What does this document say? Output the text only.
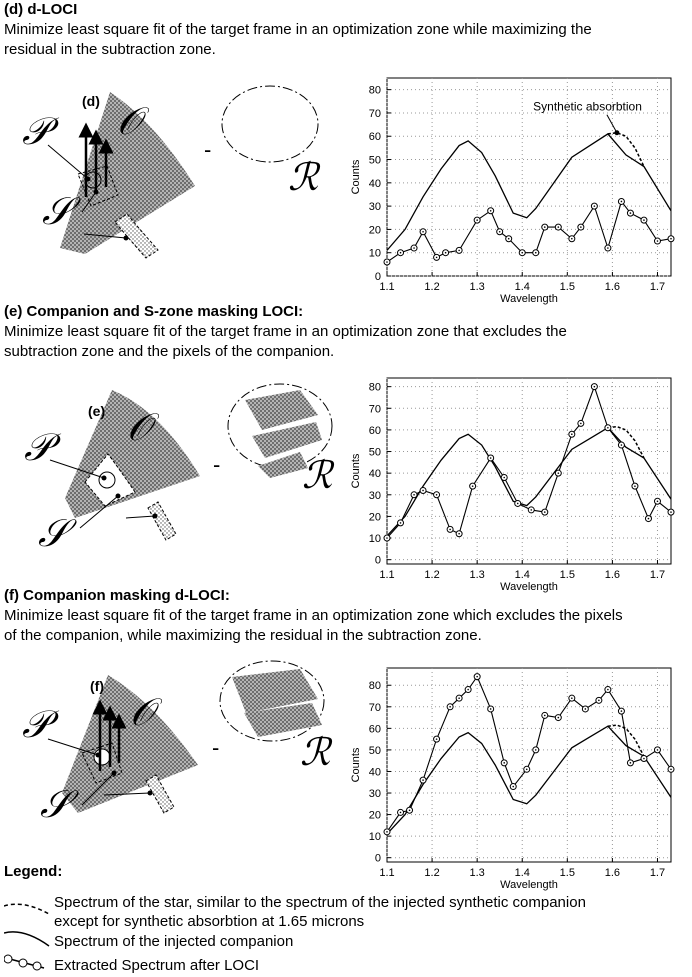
(d) d-LOCI
Minimize least square fit of the target frame in an optimization zone while maximizing the
residual in the subtraction zone.
(d)
𝒫 𝒪
𝒮
-
ℛ
1.1	1.2	1.3	1.4	1.5	1.6	1.7
0
10
20
30
40
50
60
70
80
Wavelength
Counts
Synthetic absorbtion
(e) Companion and S-zone masking LOCI:
Minimize least square fit of the target frame in an optimization zone that excludes the
subtraction zone and the pixels of the companion.
(e)
𝒫 𝒪
𝒮
- ℛ
1.1	1.2	1.3	1.4	1.5	1.6	1.7
0
10
20
30
40
50
60
70
80
Wavelength
Counts
(f) Companion masking d-LOCI:
Minimize least square fit of the target frame in an optimization zone which excludes the pixels
of the companion, while maximizing the residual in the subtraction zone.
(f)
𝒫 𝒪
𝒮
- ℛ
1.1	1.2	1.3	1.4	1.5	1.6	1.7
0
10
20
30
40
50
60
70
80
Wavelength
Counts
Legend:
Spectrum of the star, similar to the spectrum of the injected synthetic companion
except for synthetic absorbtion at 1.65 microns
Spectrum of the injected companion
Extracted Spectrum after LOCI
